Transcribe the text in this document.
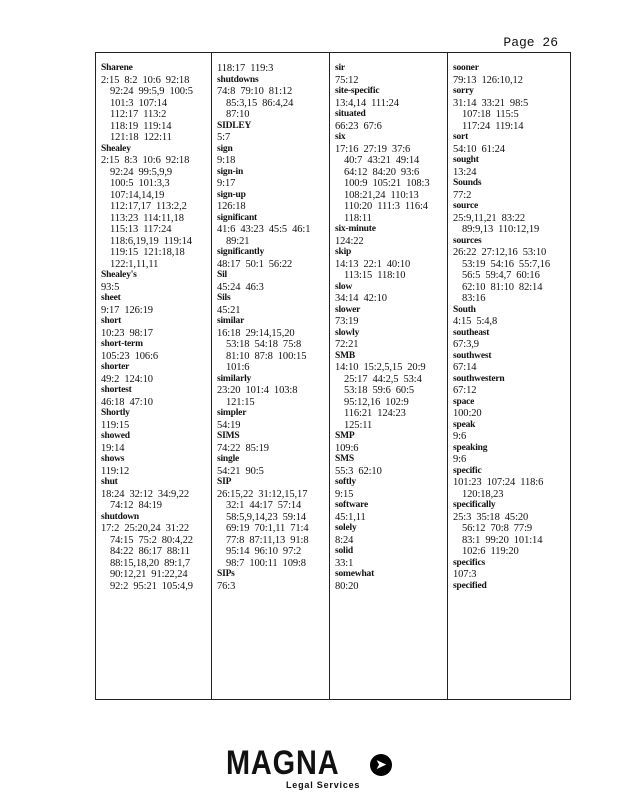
Page 26
Sharene
2:15  8:2  10:6  92:18
92:24  99:5,9  100:5
101:3  107:14
112:17  113:2
118:19  119:14
121:18  122:11
Shealey
2:15  8:3  10:6  92:18
92:24  99:5,9,9
100:5  101:3,3
107:14,14,19
112:17,17  113:2,2
113:23  114:11,18
115:13  117:24
118:6,19,19  119:14
119:15  121:18,18
122:1,11,11
Shealey's
93:5
sheet
9:17  126:19
short
10:23  98:17
short-term
105:23  106:6
shorter
49:2  124:10
shortest
46:18  47:10
Shortly
119:15
showed
19:14
shows
119:12
shut
18:24  32:12  34:9,22
74:12  84:19
shutdown
17:2  25:20,24  31:22
74:15  75:2  80:4,22
84:22  86:17  88:11
88:15,18,20  89:1,7
90:12,21  91:22,24
92:2  95:21  105:4,9
118:17  119:3
shutdowns
74:8  79:10  81:12
85:3,15  86:4,24
87:10
SIDLEY
5:7
sign
9:18
sign-in
9:17
sign-up
126:18
significant
41:6  43:23  45:5  46:1
89:21
significantly
48:17  50:1  56:22
Sil
45:24  46:3
Sils
45:21
similar
16:18  29:14,15,20
53:18  54:18  75:8
81:10  87:8  100:15
101:6
similarly
23:20  101:4  103:8
121:15
simpler
54:19
SIMS
74:22  85:19
single
54:21  90:5
SIP
26:15,22  31:12,15,17
32:1  44:17  57:14
58:5,9,14,23  59:14
69:19  70:1,11  71:4
77:8  87:11,13  91:8
95:14  96:10  97:2
98:7  100:11  109:8
SIPs
76:3
sir
75:12
site-specific
13:4,14  111:24
situated
66:23  67:6
six
17:16  27:19  37:6
40:7  43:21  49:14
64:12  84:20  93:6
100:9  105:21  108:3
108:21,24  110:13
110:20  111:3  116:4
118:11
six-minute
124:22
skip
14:13  22:1  40:10
113:15  118:10
slow
34:14  42:10
slower
73:19
slowly
72:21
SMB
14:10  15:2,5,15  20:9
25:17  44:2,5  53:4
53:18  59:6  60:5
95:12,16  102:9
116:21  124:23
125:11
SMP
109:6
SMS
55:3  62:10
softly
9:15
software
45:1,11
solely
8:24
solid
33:1
somewhat
80:20
sooner
79:13  126:10,12
sorry
31:14  33:21  98:5
107:18  115:5
117:24  119:14
sort
54:10  61:24
sought
13:24
Sounds
77:2
source
25:9,11,21  83:22
89:9,13  110:12,19
sources
26:22  27:12,16  53:10
53:19  54:16  55:7,16
56:5  59:4,7  60:16
62:10  81:10  82:14
83:16
South
4:15  5:4,8
southeast
67:3,9
southwest
67:14
southwestern
67:12
space
100:20
speak
9:6
speaking
9:6
specific
101:23  107:24  118:6
120:18,23
specifically
25:3  35:18  45:20
56:12  70:8  77:9
83:1  99:20  101:14
102:6  119:20
specifics
107:3
specified
MAGNA	➤
Legal Services
